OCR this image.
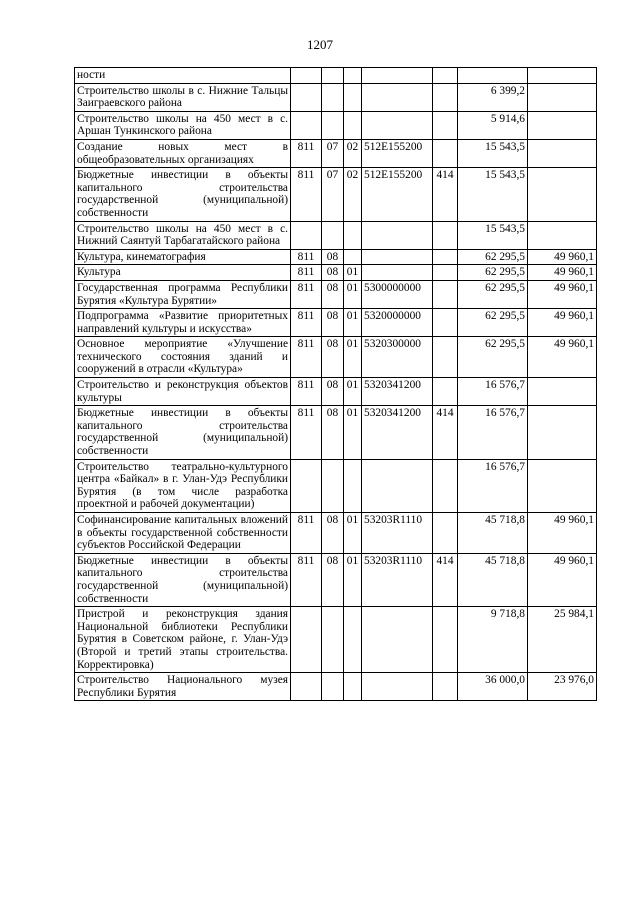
1207
ности							
Строительство школы в с. Нижние Тальцы Заиграевского района						6 399,2	
Строительство школы на 450 мест в с. Аршан Тункинского района						5 914,6	
Создание новых мест в общеобразовательных организациях	811	07	02	512E155200		15 543,5	
Бюджетные инвестиции в объекты капитального строительства государственной (муниципальной) собственности	811	07	02	512E155200	414	15 543,5	
Строительство школы на 450 мест в с. Нижний Саянтуй Тарбагатайского района						15 543,5	
Культура, кинематография	811	08				62 295,5	49 960,1
Культура	811	08	01			62 295,5	49 960,1
Государственная программа Республики Бурятия «Культура Бурятии»	811	08	01	5300000000		62 295,5	49 960,1
Подпрограмма «Развитие приоритетных направлений культуры и искусства»	811	08	01	5320000000		62 295,5	49 960,1
Основное мероприятие «Улучшение технического состояния зданий и сооружений в отрасли «Культура»	811	08	01	5320300000		62 295,5	49 960,1
Строительство и реконструкция объектов культуры	811	08	01	5320341200		16 576,7	
Бюджетные инвестиции в объекты капитального строительства государственной (муниципальной) собственности	811	08	01	5320341200	414	16 576,7	
Строительство театрально-культурного центра «Байкал» в г. Улан-Удэ Республики Бурятия (в том числе разработка проектной и рабочей документации)						16 576,7	
Софинансирование капитальных вложений в объекты государственной собственности субъектов Российской Федерации	811	08	01	53203R1110		45 718,8	49 960,1
Бюджетные инвестиции в объекты капитального строительства государственной (муниципальной) собственности	811	08	01	53203R1110	414	45 718,8	49 960,1
Пристрой и реконструкция здания Национальной библиотеки Республики Бурятия в Советском районе, г. Улан-Удэ (Второй и третий этапы строительства. Корректировка)						9 718,8	25 984,1
Строительство Национального музея Республики Бурятия						36 000,0	23 976,0
